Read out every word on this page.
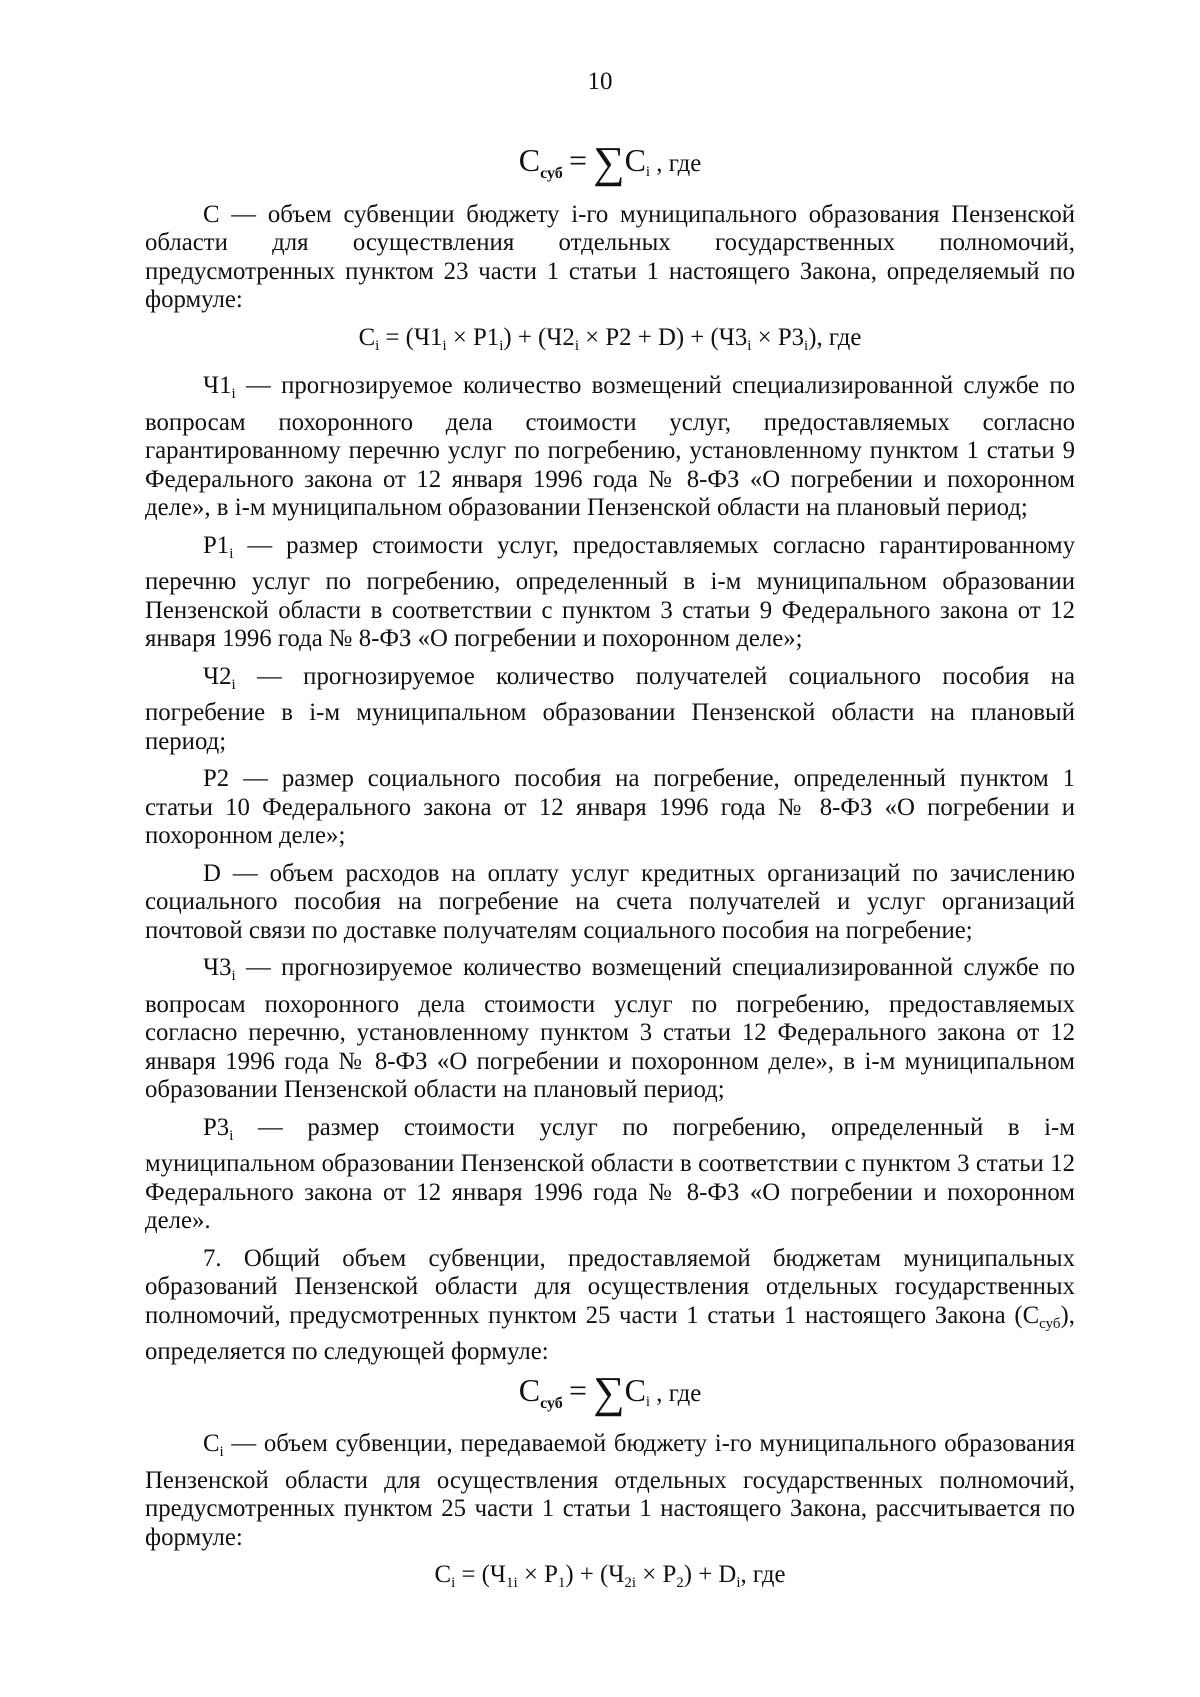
10
$С_{суб} = \sum С_i$ , где

С — объем субвенции бюджету i-го муниципального образования Пензенской области для осуществления отдельных государственных полномочий, предусмотренных пунктом 23 части 1 статьи 1 настоящего Закона, определяемый по формуле:

$С_i = (Ч1_i \times Р1_i) + (Ч2_i \times Р2 + D) + (Ч3_i \times Р3_i)$, где

$Ч1_i$ — прогнозируемое количество возмещений специализированной службе по вопросам похоронного дела стоимости услуг, предоставляемых согласно гарантированному перечню услуг по погребению, установленному пунктом 1 статьи 9 Федерального закона от 12 января 1996 года № 8-ФЗ «О погребении и похоронном деле», в i-м муниципальном образовании Пензенской области на плановый период;

$Р1_i$ — размер стоимости услуг, предоставляемых согласно гарантированному перечню услуг по погребению, определенный в i-м муниципальном образовании Пензенской области в соответствии с пунктом 3 статьи 9 Федерального закона от 12 января 1996 года № 8-ФЗ «О погребении и похоронном деле»;

$Ч2_i$ — прогнозируемое количество получателей социального пособия на погребение в i-м муниципальном образовании Пензенской области на плановый период;

Р2 — размер социального пособия на погребение, определенный пунктом 1 статьи 10 Федерального закона от 12 января 1996 года № 8-ФЗ «О погребении и похоронном деле»;

D — объем расходов на оплату услуг кредитных организаций по зачислению социального пособия на погребение на счета получателей и услуг организаций почтовой связи по доставке получателям социального пособия на погребение;

$Ч3_i$ — прогнозируемое количество возмещений специализированной службе по вопросам похоронного дела стоимости услуг по погребению, предоставляемых согласно перечню, установленному пунктом 3 статьи 12 Федерального закона от 12 января 1996 года № 8-ФЗ «О погребении и похоронном деле», в i-м муниципальном образовании Пензенской области на плановый период;

$Р3_i$ — размер стоимости услуг по погребению, определенный в i-м муниципальном образовании Пензенской области в соответствии с пунктом 3 статьи 12 Федерального закона от 12 января 1996 года № 8-ФЗ «О погребении и похоронном деле».

7. Общий объем субвенции, предоставляемой бюджетам муниципальных образований Пензенской области для осуществления отдельных государственных полномочий, предусмотренных пунктом 25 части 1 статьи 1 настоящего Закона $(С_{суб})$, определяется по следующей формуле:

$С_{суб} = \sum С_i$ , где

$С_i$ — объем субвенции, передаваемой бюджету i-го муниципального образования Пензенской области для осуществления отдельных государственных полномочий, предусмотренных пунктом 25 части 1 статьи 1 настоящего Закона, рассчитывается по формуле:

$С_i = (Ч_{1i} \times Р_1) + (Ч_{2i} \times Р_2) + D_i$, где
